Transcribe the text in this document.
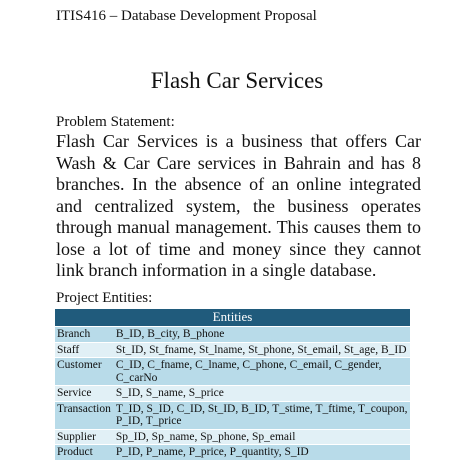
ITIS416 – Database Development Proposal
Flash Car Services
Problem Statement:
Flash Car Services is a business that offers Car Wash & Car Care services in Bahrain and has 8 branches. In the absence of an online integrated and centralized system, the business operates through manual management. This causes them to lose a lot of time and money since they cannot link branch information in a single database.
Project Entities:
Entities	
Branch	B_ID, B_city, B_phone
Staff	St_ID, St_fname, St_lname, St_phone, St_email, St_age, B_ID
Customer	C_ID, C_fname, C_lname, C_phone, C_email, C_gender, C_carNo
Service	S_ID, S_name, S_price
Transaction	T_ID, S_ID, C_ID, St_ID, B_ID, T_stime, T_ftime, T_coupon, P_ID, T_price
Supplier	Sp_ID, Sp_name, Sp_phone, Sp_email
Product	P_ID, P_name, P_price, P_quantity, S_ID
